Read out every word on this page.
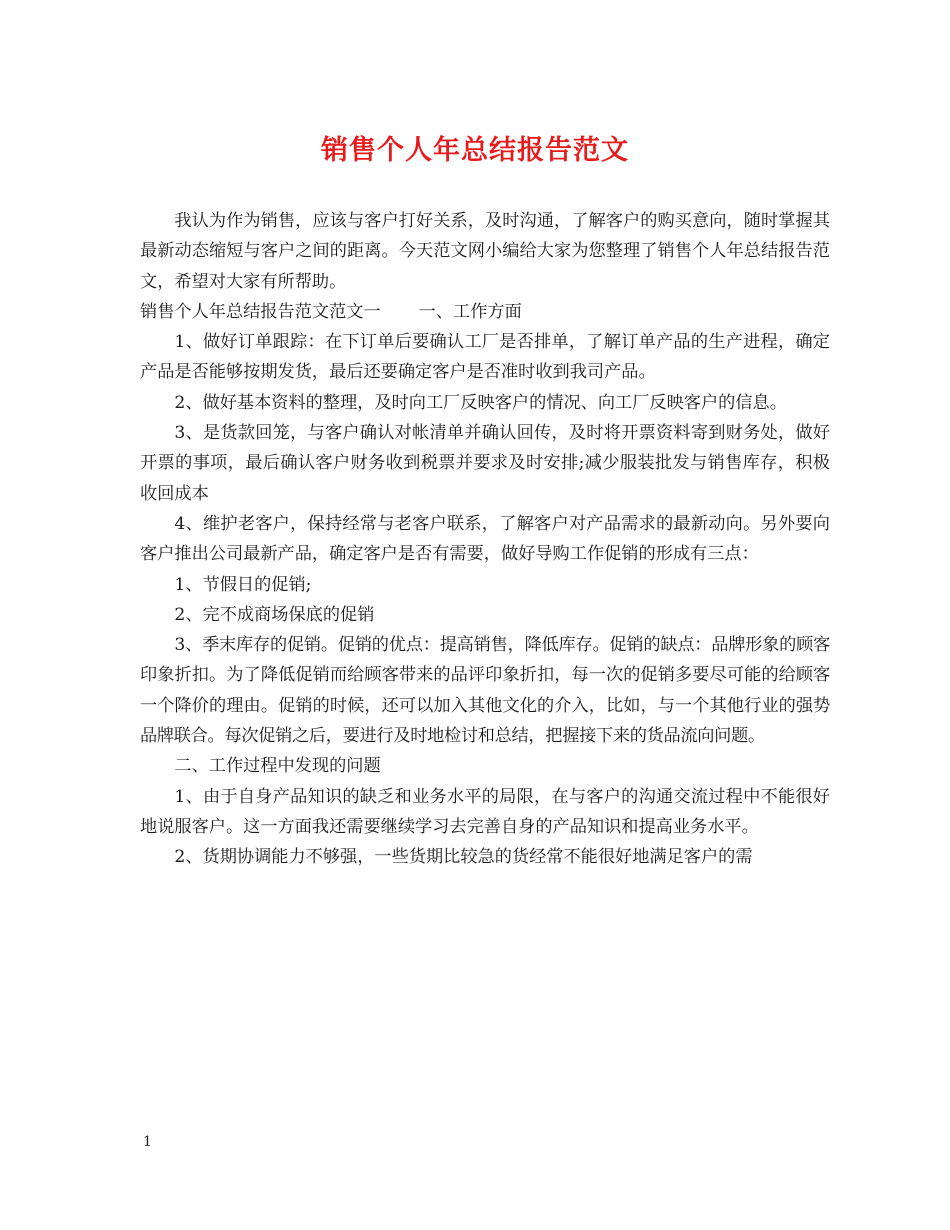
销售个人年总结报告范文

我认为作为销售，应该与客户打好关系，及时沟通，了解客户的购买意向，随时掌握其最新动态缩短与客户之间的距离。今天范文网小编给大家为您整理了销售个人年总结报告范文，希望对大家有所帮助。

销售个人年总结报告范文范文一 一、工作方面

1、做好订单跟踪：在下订单后要确认工厂是否排单，了解订单产品的生产进程，确定产品是否能够按期发货，最后还要确定客户是否准时收到我司产品。

2、做好基本资料的整理，及时向工厂反映客户的情况、向工厂反映客户的信息。

3、是货款回笼，与客户确认对帐清单并确认回传，及时将开票资料寄到财务处，做好开票的事项，最后确认客户财务收到税票并要求及时安排;减少服装批发与销售库存，积极收回成本

4、维护老客户，保持经常与老客户联系，了解客户对产品需求的最新动向。另外要向客户推出公司最新产品，确定客户是否有需要，做好导购工作促销的形成有三点：

1、节假日的促销;

2、完不成商场保底的促销

3、季末库存的促销。促销的优点：提高销售，降低库存。促销的缺点：品牌形象的顾客印象折扣。为了降低促销而给顾客带来的品评印象折扣，每一次的促销多要尽可能的给顾客一个降价的理由。促销的时候，还可以加入其他文化的介入，比如，与一个其他行业的强势品牌联合。每次促销之后，要进行及时地检讨和总结，把握接下来的货品流向问题。

二、工作过程中发现的问题

1、由于自身产品知识的缺乏和业务水平的局限，在与客户的沟通交流过程中不能很好地说服客户。这一方面我还需要继续学习去完善自身的产品知识和提高业务水平。

2、货期协调能力不够强，一些货期比较急的货经常不能很好地满足客户的需

1
